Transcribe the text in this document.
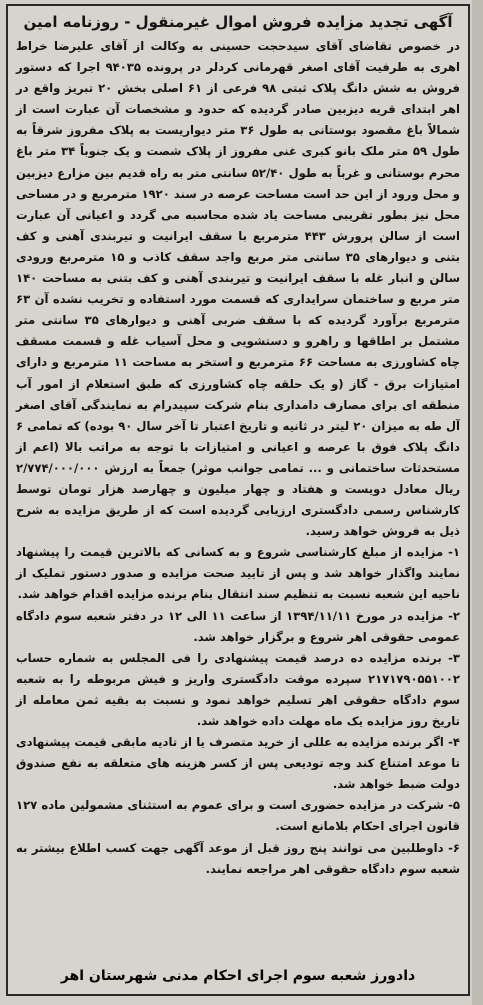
آگهی تجدید مزایده فروش اموال غیرمنقول - روزنامه امین

در خصوص تقاضای آقای سیدحجت حسینی به وکالت از آقای علیرضا خراط اهری به طرفیت آقای اصغر قهرمانی کردلر در پرونده ۹۴۰۳۵ اجرا که دستور فروش به شش دانگ پلاک ثبتی ۹۸ فرعی از ۶۱ اصلی بخش ۲۰ تبریز واقع در اهر ابتدای قریه دیزبین صادر گردیده که حدود و مشخصات آن عبارت است از شمالاً باغ مقصود بوستانی به طول ۳۶ متر دیواریست به پلاک مفروز شرقاً به طول ۵۹ متر ملک بانو کبری غنی مفروز از پلاک شصت و یک جنوباً ۳۴ متر باغ محرم بوستانی و غرباً به طول ۵۲/۴۰ سانتی متر به راه قدیم بین مزارع دیزبین و محل ورود از این حد است مساحت عرصه در سند ۱۹۲۰ مترمربع و در مساحی محل نیز بطور تقریبی مساحت یاد شده محاسبه می گردد و اعیانی آن عبارت است از سالن پرورش ۴۴۳ مترمربع با سقف ایرانیت و تیربندی آهنی و کف بتنی و دیوارهای ۳۵ سانتی متر مربع واجد سقف کاذب و ۱۵ مترمربع ورودی سالن و انبار غله با سقف ایرانیت و تیربندی آهنی و کف بتنی به مساحت ۱۴۰ متر مربع و ساختمان سرایداری که قسمت مورد استفاده و تخریب نشده آن ۶۳ مترمربع برآورد گردیده که با سقف ضربی آهنی و دیوارهای ۳۵ سانتی متر مشتمل بر اطاقها و راهرو و دستشویی و محل آسیاب غله و قسمت مسقف چاه کشاورزی به مساحت ۶۶ مترمربع و استخر به مساحت ۱۱ مترمربع و دارای امتیازات برق - گاز (و یک حلقه چاه کشاورزی که طبق استعلام از امور آب منطقه ای برای مصارف دامداری بنام شرکت سپیدرام به نمایندگی آقای اصغر آل طه به میزان ۲۰ لیتر در ثانیه و تاریخ اعتبار تا آخر سال ۹۰ بوده) که تمامی ۶ دانگ پلاک فوق با عرصه و اعیانی و امتیازات با توجه به مراتب بالا (اعم از مستحدثات ساختمانی و ... تمامی جوانب موثر) جمعاً به ارزش ۲/۷۷۴/۰۰۰/۰۰۰ ریال معادل دویست و هفتاد و چهار میلیون و چهارصد هزار تومان توسط کارشناس رسمی دادگستری ارزیابی گردیده است که از طریق مزایده به شرح ذیل به فروش خواهد رسید.

۱- مزایده از مبلغ کارشناسی شروع و به کسانی که بالاترین قیمت را پیشنهاد نمایند واگذار خواهد شد و پس از تایید صحت مزایده و صدور دستور تملیک از ناحیه این شعبه نسبت به تنظیم سند انتقال بنام برنده مزایده اقدام خواهد شد.

۲- مزایده در مورخ ۱۳۹۴/۱۱/۱۱ از ساعت ۱۱ الی ۱۲ در دفتر شعبه سوم دادگاه عمومی حقوقی اهر شروع و برگزار خواهد شد.

۳- برنده مزایده ده درصد قیمت پیشنهادی را فی المجلس به شماره حساب ۲۱۷۱۷۹۰۵۵۱۰۰۲ سپرده موقت دادگستری واریز و فیش مربوطه را به شعبه سوم دادگاه حقوقی اهر تسلیم خواهد نمود و نسبت به بقیه ثمن معامله از تاریخ روز مزایده یک ماه مهلت داده خواهد شد.

۴- اگر برنده مزایده به عللی از خرید متصرف یا از تادیه مابقی قیمت پیشنهادی تا موعد امتناع کند وجه تودیعی پس از کسر هزینه های متعلقه به نفع صندوق دولت ضبط خواهد شد.

۵- شرکت در مزایده حضوری است و برای عموم به استثنای مشمولین ماده ۱۲۷ قانون اجرای احکام بلامانع است.

۶- داوطلبین می توانند پنج روز قبل از موعد آگهی جهت کسب اطلاع بیشتر به شعبه سوم دادگاه حقوقی اهر مراجعه نمایند.

دادورز شعبه سوم اجرای احکام مدنی شهرستان اهر
